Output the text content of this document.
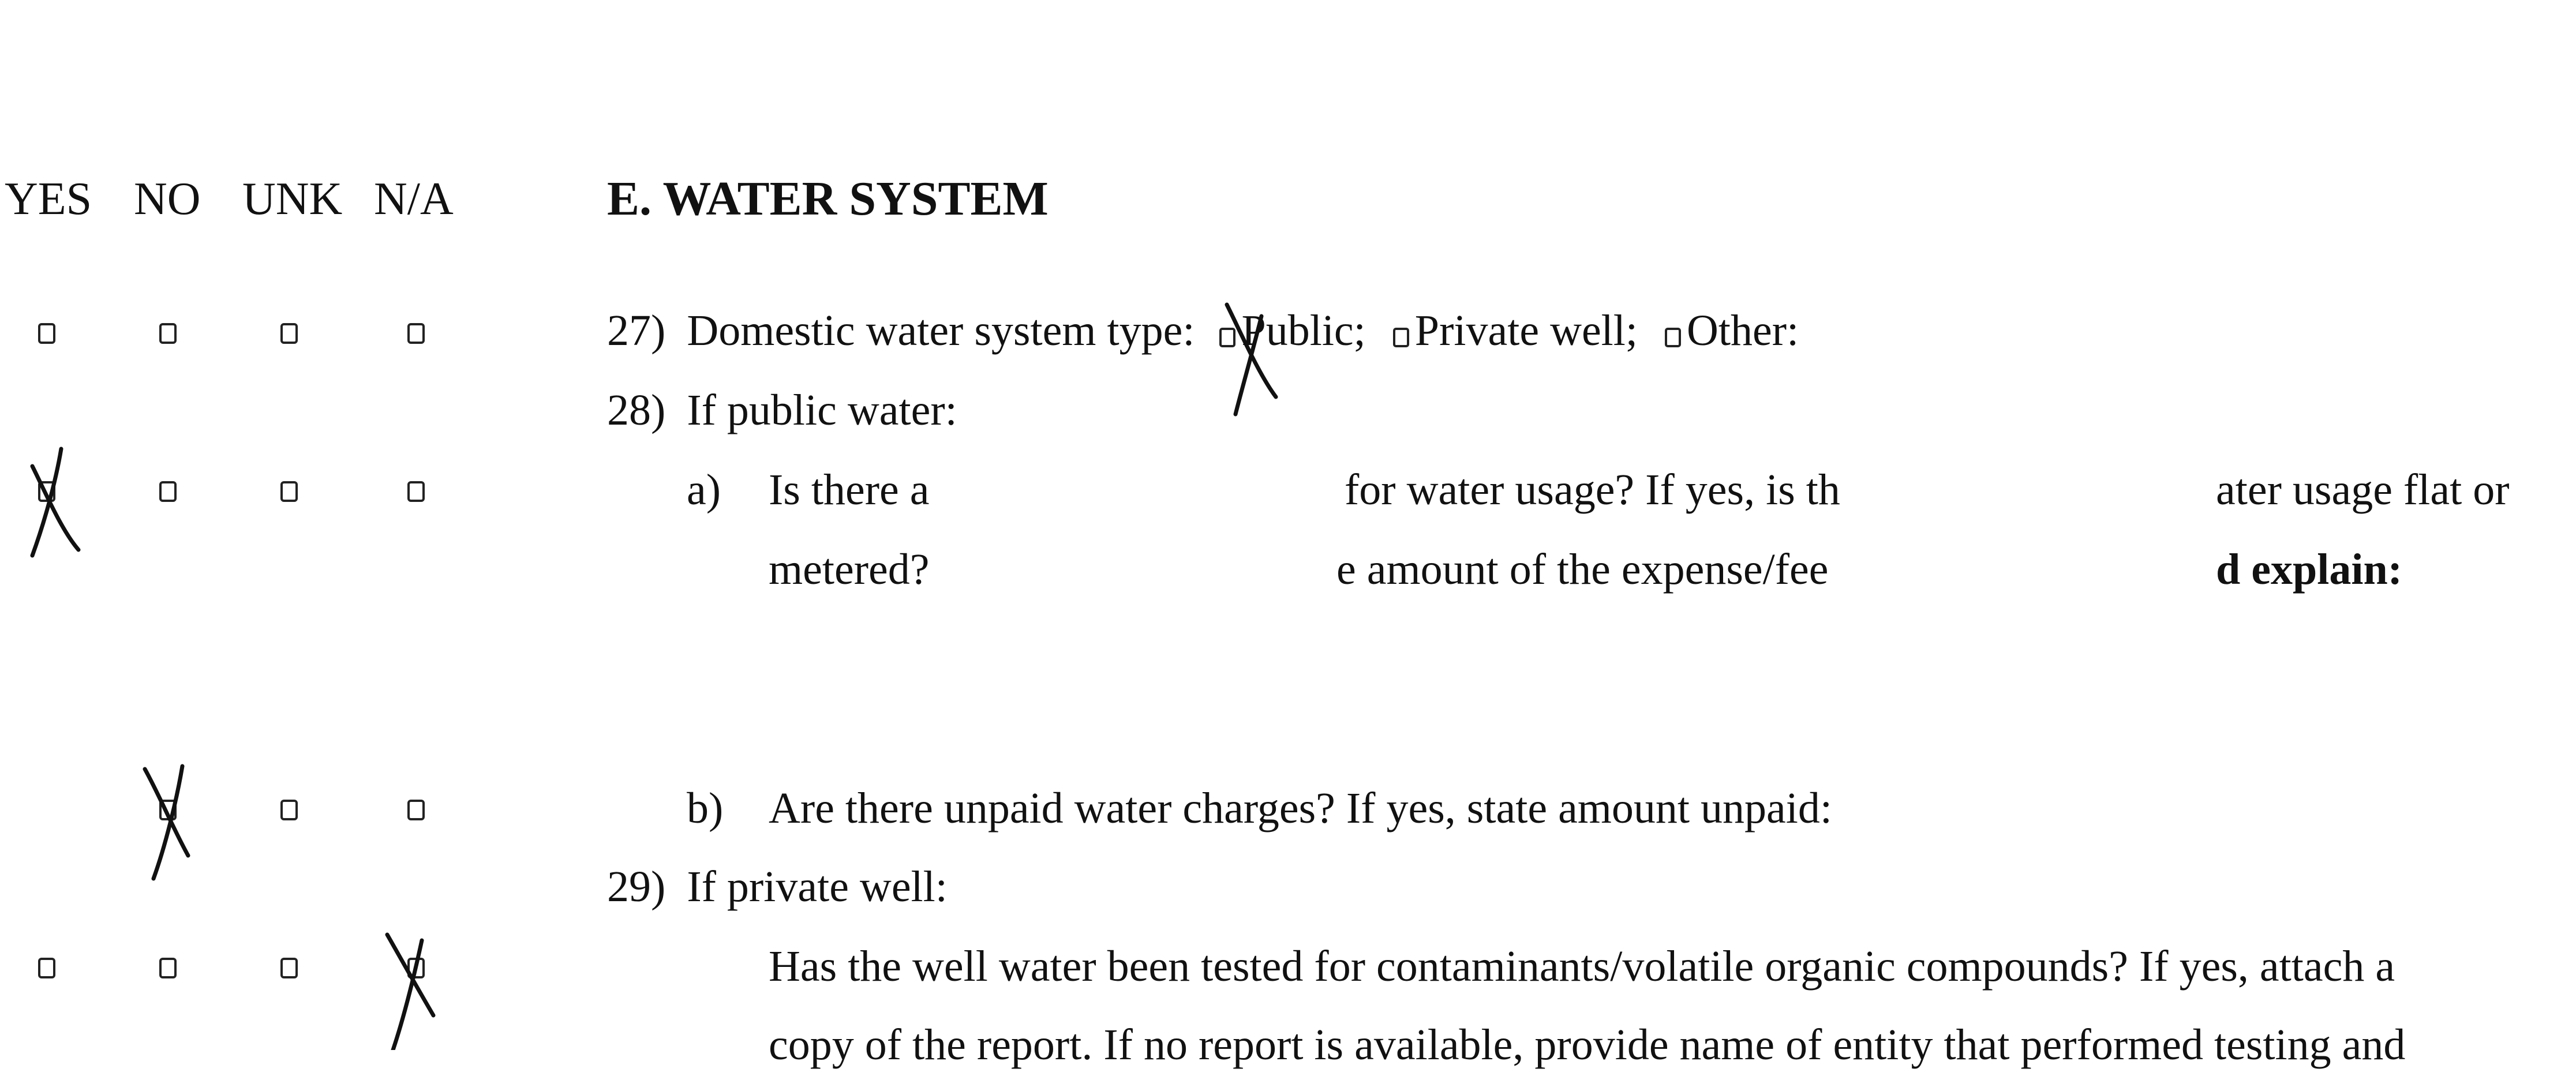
YES NO UNK N/A	E. WATER SYSTEM
27) Domestic water system type: Public; Private well; Other:
28) If public water:
a) Is there a	for water usage? If yes, is th	ater usage flat or
metered?	e amount of the expense/fee	d explain:
b) Are there unpaid water charges? If yes, state amount unpaid:
29) If private well:
Has the well water been tested for contaminants/volatile organic compounds? If yes, attach a
copy of the report. If no report is available, provide name of entity that performed testing and
